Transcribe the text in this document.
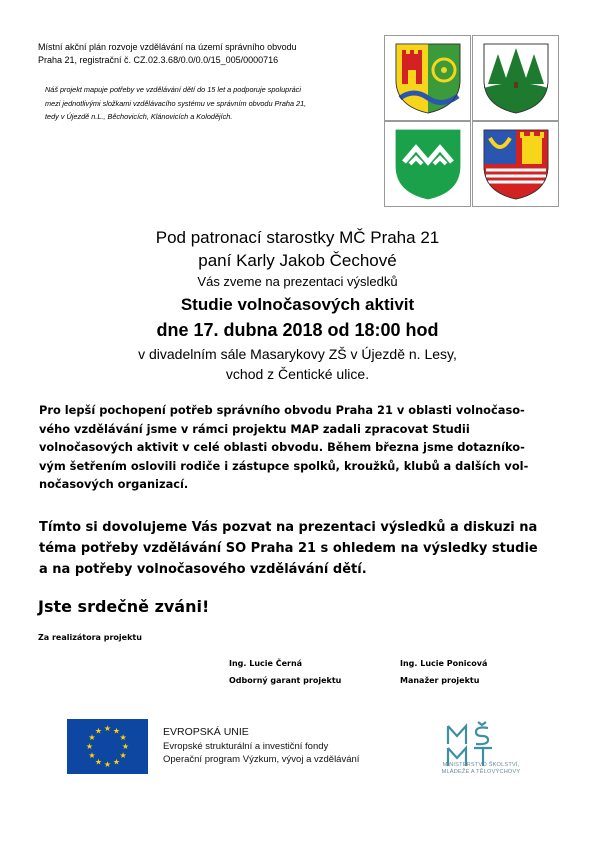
Místní akční plán rozvoje vzdělávání na území správního obvodu
Praha 21, registrační č. CZ.02.3.68/0.0/0.0/15_005/0000716
Náš projekt mapuje potřeby ve vzdělávání dětí do 15 let a podporuje spolupráci
mezi jednotlivými složkami vzdělávacího systému ve správním obvodu Praha 21,
tedy v Újezdě n.L., Běchovicích, Klánovicích a Kolodějích.
Pod patronací starostky MČ Praha 21
paní Karly Jakob Čechové
Vás zveme na prezentaci výsledků
Studie volnočasových aktivit
dne 17. dubna 2018 od 18:00 hod
v divadelním sále Masarykovy ZŠ v Újezdě n. Lesy,
vchod z Čentické ulice.
Pro lepší pochopení potřeb správního obvodu Praha 21 v oblasti volnočaso-
vého vzdělávání jsme v rámci projektu MAP zadali zpracovat Studii
volnočasových aktivit v celé oblasti obvodu. Během března jsme dotazníko-
vým šetřením oslovili rodiče i zástupce spolků, kroužků, klubů a dalších vol-
nočasových organizací.
Tímto si dovolujeme Vás pozvat na prezentaci výsledků a diskuzi na
téma potřeby vzdělávání SO Praha 21 s ohledem na výsledky studie
a na potřeby volnočasového vzdělávání dětí.
Jste srdečně zváni!
Za realizátora projektu
Ing. Lucie Černá
Odborný garant projektu
Ing. Lucie Ponicová
Manažer projektu
★ ★
★
★
★
★
★
★
★
★
★
★	EVROPSKÁ UNIE
Evropské strukturální a investiční fondy
Operační program Výzkum, vývoj a vzdělávání	MINISTERSTVO ŠKOLSTVÍ,
MLÁDEŽE A TĚLOVÝCHOVY
